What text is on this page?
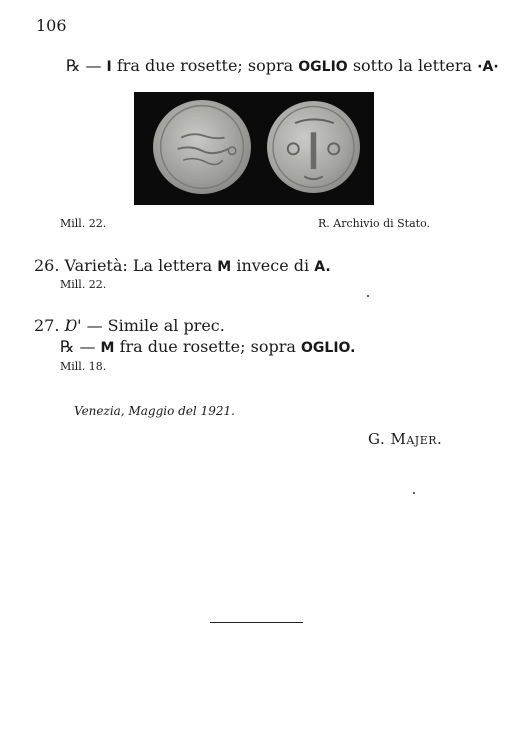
106
℞ — I fra due rosette; sopra OGLIO sotto la lettera ·A·
Mill. 22.	R. Archivio di Stato.
26. Varietà: La lettera M invece di A.
Mill. 22.
27. Ɒ' — Simile al prec.
℞ — M fra due rosette; sopra OGLIO.
Mill. 18.
Venezia, Maggio del 1921.
G. Majer.
